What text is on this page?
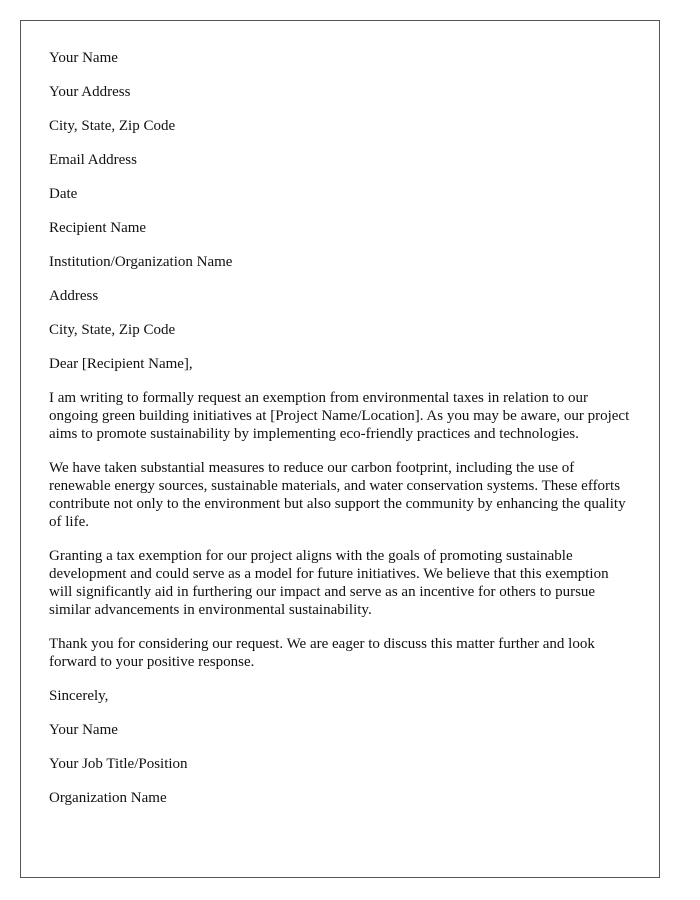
Your Name
Your Address
City, State, Zip Code
Email Address
Date
Recipient Name
Institution/Organization Name
Address
City, State, Zip Code
Dear [Recipient Name],

I am writing to formally request an exemption from environmental taxes in relation to our ongoing green building initiatives at [Project Name/Location]. As you may be aware, our project aims to promote sustainability by implementing eco-friendly practices and technologies.

We have taken substantial measures to reduce our carbon footprint, including the use of renewable energy sources, sustainable materials, and water conservation systems. These efforts contribute not only to the environment but also support the community by enhancing the quality of life.

Granting a tax exemption for our project aligns with the goals of promoting sustainable development and could serve as a model for future initiatives. We believe that this exemption will significantly aid in furthering our impact and serve as an incentive for others to pursue similar advancements in environmental sustainability.

Thank you for considering our request. We are eager to discuss this matter further and look forward to your positive response.

Sincerely,
Your Name
Your Job Title/Position
Organization Name
